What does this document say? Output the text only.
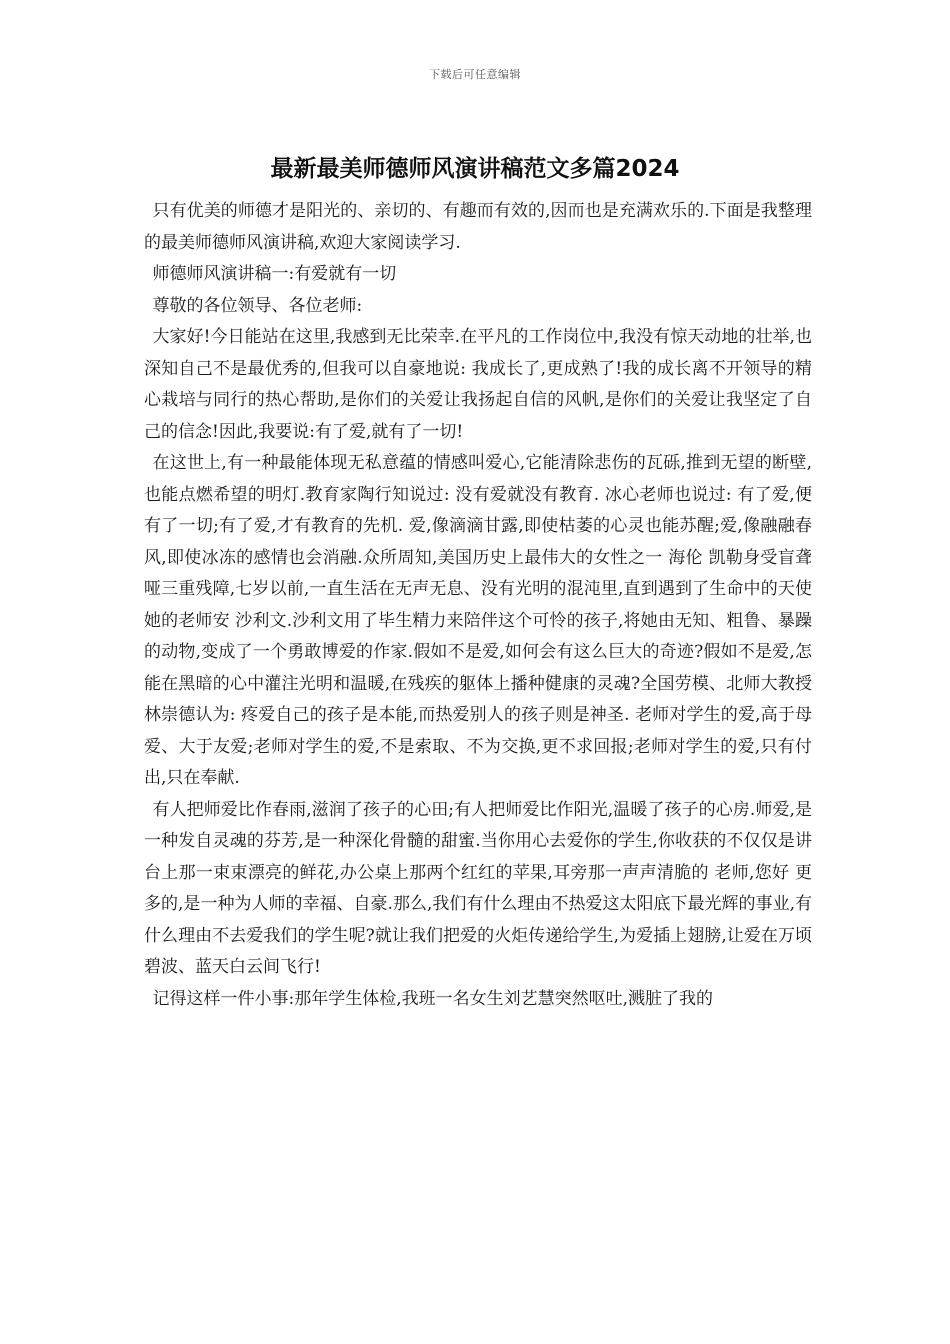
下载后可任意编辑
最新最美师德师风演讲稿范文多篇2024

只有优美的师德才是阳光的、亲切的、有趣而有效的,因而也是充满欢乐的.下面是我整理的最美师德师风演讲稿,欢迎大家阅读学习.

师德师风演讲稿一:有爱就有一切

尊敬的各位领导、各位老师:

大家好!今日能站在这里,我感到无比荣幸.在平凡的工作岗位中,我没有惊天动地的壮举,也深知自己不是最优秀的,但我可以自豪地说: 我成长了,更成熟了!我的成长离不开领导的精心栽培与同行的热心帮助,是你们的关爱让我扬起自信的风帆,是你们的关爱让我坚定了自己的信念!因此,我要说:有了爱,就有了一切!

在这世上,有一种最能体现无私意蕴的情感叫爱心,它能清除悲伤的瓦砾,推到无望的断壁,也能点燃希望的明灯.教育家陶行知说过: 没有爱就没有教育. 冰心老师也说过: 有了爱,便有了一切;有了爱,才有教育的先机. 爱,像滴滴甘露,即使枯萎的心灵也能苏醒;爱,像融融春风,即使冰冻的感情也会消融.众所周知,美国历史上最伟大的女性之一 海伦 凯勒身受盲聋哑三重残障,七岁以前,一直生活在无声无息、没有光明的混沌里,直到遇到了生命中的天使 她的老师安 沙利文.沙利文用了毕生精力来陪伴这个可怜的孩子,将她由无知、粗鲁、暴躁的动物,变成了一个勇敢博爱的作家.假如不是爱,如何会有这么巨大的奇迹?假如不是爱,怎能在黑暗的心中灌注光明和温暖,在残疾的躯体上播种健康的灵魂?全国劳模、北师大教授林崇德认为: 疼爱自己的孩子是本能,而热爱别人的孩子则是神圣. 老师对学生的爱,高于母爱、大于友爱;老师对学生的爱,不是索取、不为交换,更不求回报;老师对学生的爱,只有付出,只在奉献.

有人把师爱比作春雨,滋润了孩子的心田;有人把师爱比作阳光,温暖了孩子的心房.师爱,是一种发自灵魂的芬芳,是一种深化骨髓的甜蜜.当你用心去爱你的学生,你收获的不仅仅是讲台上那一束束漂亮的鲜花,办公桌上那两个红红的苹果,耳旁那一声声清脆的 老师,您好 更多的,是一种为人师的幸福、自豪.那么,我们有什么理由不热爱这太阳底下最光辉的事业,有什么理由不去爱我们的学生呢?就让我们把爱的火炬传递给学生,为爱插上翅膀,让爱在万顷碧波、蓝天白云间飞行!

记得这样一件小事:那年学生体检,我班一名女生刘艺慧突然呕吐,溅脏了我的
